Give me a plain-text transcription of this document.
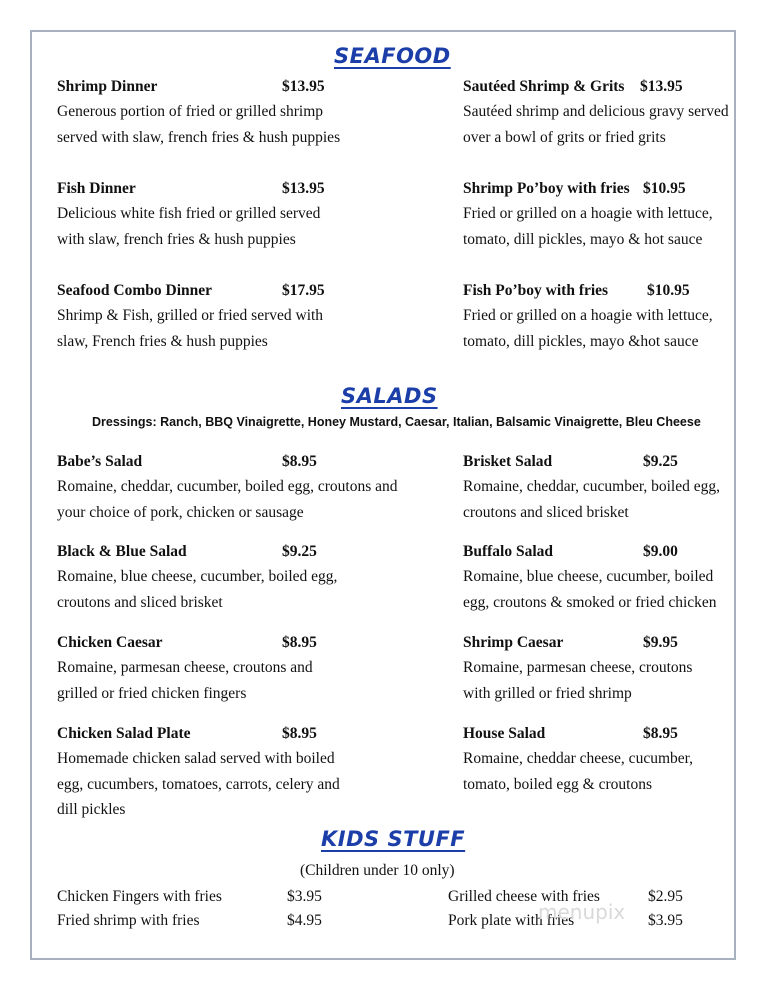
SEAFOOD
Shrimp Dinner	$13.95
Generous portion of fried or grilled shrimp served with slaw, french fries & hush puppies
Sautéed Shrimp & Grits $13.95
Sautéed shrimp and delicious gravy served over a bowl of grits or fried grits
Fish Dinner	$13.95
Delicious white fish fried or grilled served with slaw, french fries & hush puppies
Shrimp Po’boy with fries $10.95
Fried or grilled on a hoagie with lettuce, tomato, dill pickles, mayo & hot sauce
Seafood Combo Dinner	$17.95
Shrimp & Fish, grilled or fried served with slaw, French fries & hush puppies
Fish Po’boy with fries	$10.95
Fried or grilled on a hoagie with lettuce, tomato, dill pickles, mayo &hot sauce
SALADS
Dressings: Ranch, BBQ Vinaigrette, Honey Mustard, Caesar, Italian, Balsamic Vinaigrette, Bleu Cheese
Babe’s Salad	$8.95
Romaine, cheddar, cucumber, boiled egg, croutons and your choice of pork, chicken or sausage
Brisket Salad	$9.25
Romaine, cheddar, cucumber, boiled egg, croutons and sliced brisket
Black & Blue Salad	$9.25
Romaine, blue cheese, cucumber, boiled egg, croutons and sliced brisket
Buffalo Salad	$9.00
Romaine, blue cheese, cucumber, boiled egg, croutons & smoked or fried chicken
Chicken Caesar	$8.95
Romaine, parmesan cheese, croutons and grilled or fried chicken fingers
Shrimp Caesar	$9.95
Romaine, parmesan cheese, croutons with grilled or fried shrimp
Chicken Salad Plate	$8.95
Homemade chicken salad served with boiled egg, cucumbers, tomatoes, carrots, celery and dill pickles
House Salad	$8.95
Romaine, cheddar cheese, cucumber, tomato, boiled egg & croutons
KIDS STUFF
(Children under 10 only)
Chicken Fingers with fries	$3.95	Grilled cheese with fries	$2.95
Fried shrimp with fries	$4.95	Pork plate with fries	$3.95
menupix
